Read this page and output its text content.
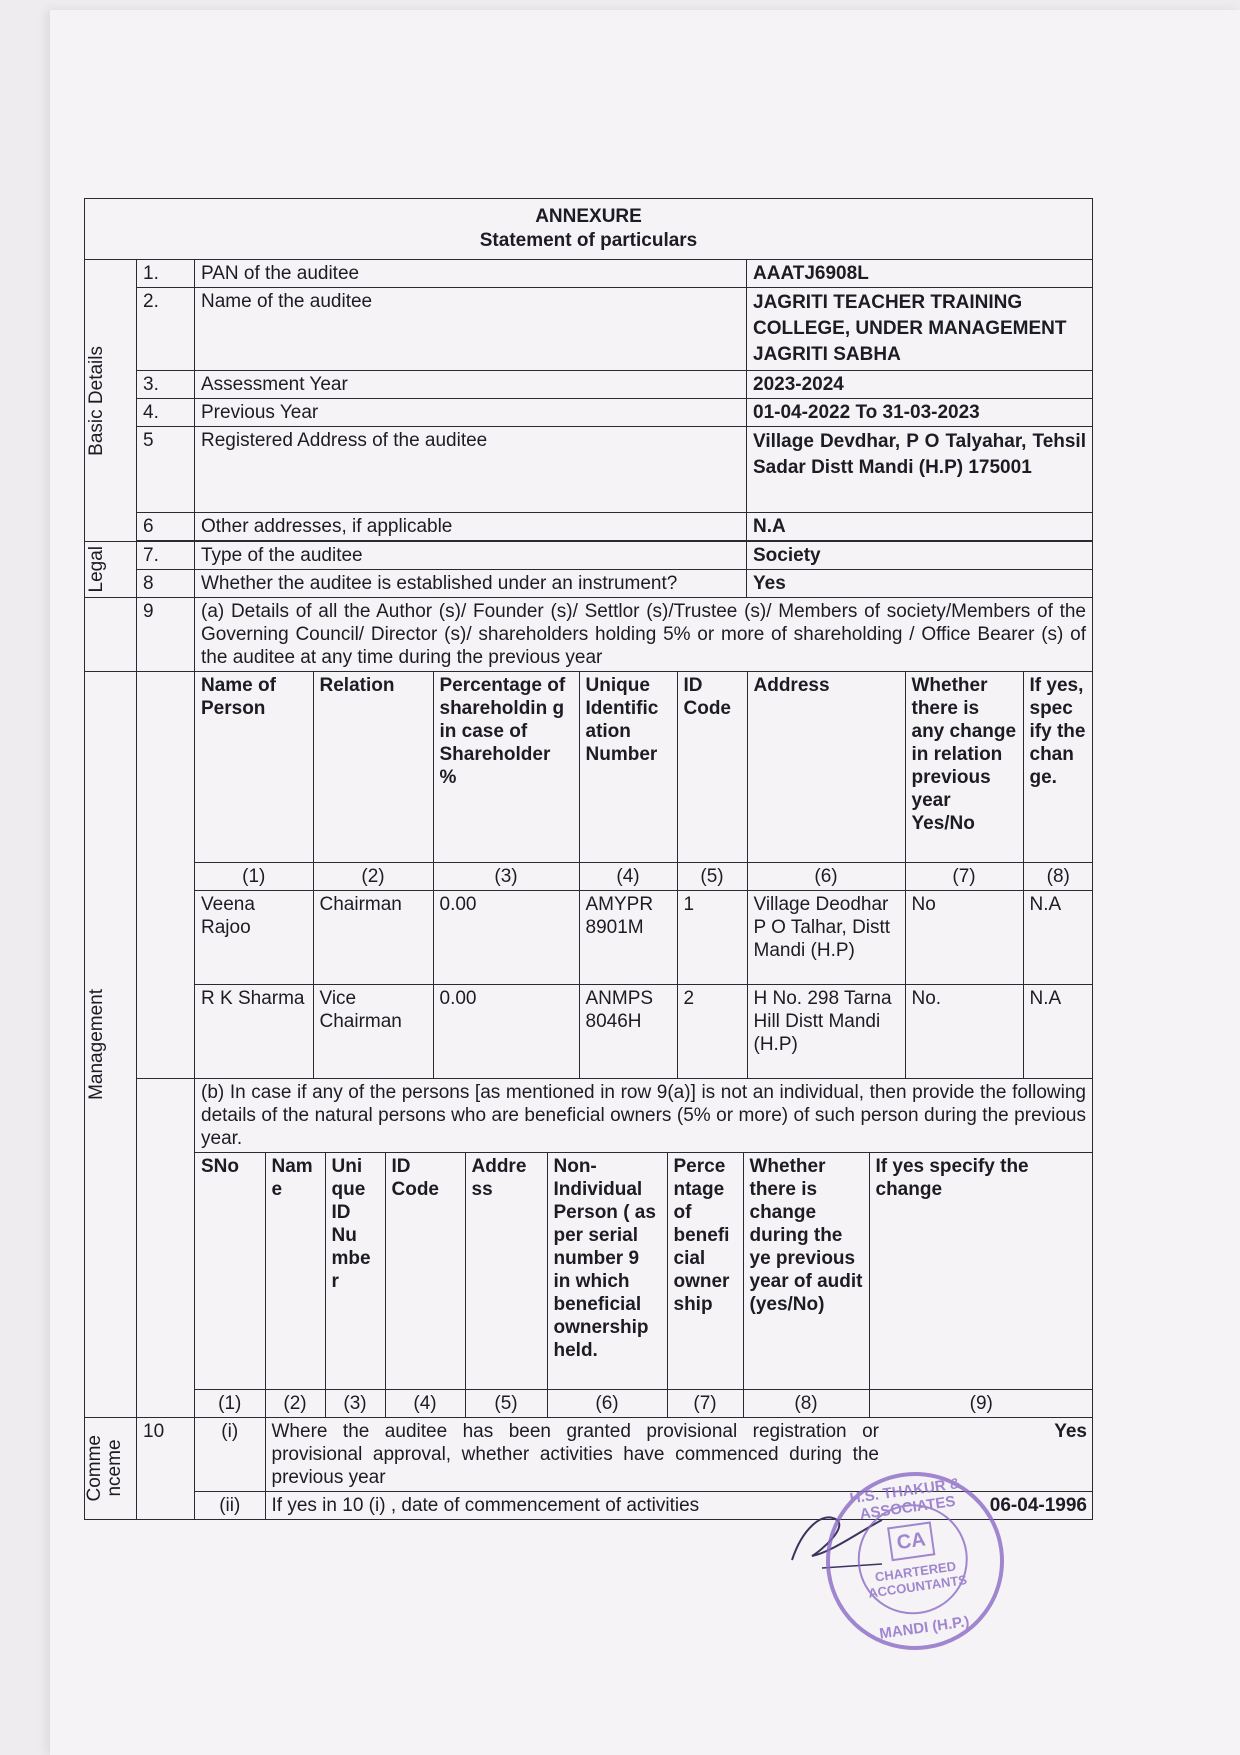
ANNEXURE
Statement of particulars

Basic Details
	1.	PAN of the auditee	AAATJ6908L
2.	Name of the auditee	JAGRITI TEACHER TRAINING COLLEGE, UNDER MANAGEMENT JAGRITI SABHA
3.	Assessment Year	2023-2024
4.	Previous Year	01-04-2022 To 31-03-2023
5	Registered Address of the auditee	Village Devdhar, P O Talyahar, Tehsil Sadar Distt Mandi (H.P) 175001
6	Other addresses, if applicable	N.A

Legal	7.	Type of the auditee	Society
8	Whether the auditee is established under an instrument?	Yes
	9	(a) Details of all the Author (s)/ Founder (s)/ Settlor (s)/Trustee (s)/ Members of society/Members of the Governing Council/ Director (s)/ shareholders holding 5% or more of shareholding / Office Bearer (s) of the auditee at any time during the previous year

Management

Name of Person	Relation	Percentage of shareholdin g in case of Shareholder %	Unique Identific ation Number	ID Code	Address	Whether there is any change in relation previous year Yes/No	If yes, spec ify the chan ge.
(1)	(2)	(3)	(4)	(5)	(6)	(7)	(8)
Veena Rajoo	Chairman	0.00	AMYPR 8901M	1	Village Deodhar P O Talhar, Distt Mandi (H.P)	No	N.A
R K Sharma	Vice Chairman	0.00	ANMPS 8046H	2	H No. 298 Tarna Hill Distt Mandi (H.P)	No.	N.A

(b) In case if any of the persons [as mentioned in row 9(a)] is not an individual, then provide the following details of the natural persons who are beneficial owners (5% or more) of such person during the previous year.
SNo	Nam e	Uni que ID Nu mbe r	ID Code	Addre ss	Non-Individual Person ( as per serial number 9 in which beneficial ownership held.	Perce ntage of benefi cial owner ship	Whether there is change during the ye previous year of audit (yes/No)	If yes specify the change
(1)	(2)	(3)	(4)	(5)	(6)	(7)	(8)	(9)

Comme
nceme
	10		(i)	Where the auditee has been granted provisional registration or provisional approval, whether activities have commenced during the previous year	Yes

(ii)	If yes in 10 (i) , date of commencement of activities	06-04-1996
H.S. THAKUR & ASSOCIATES
CA
CHARTERED ACCOUNTANTS
MANDI (H.P.)
